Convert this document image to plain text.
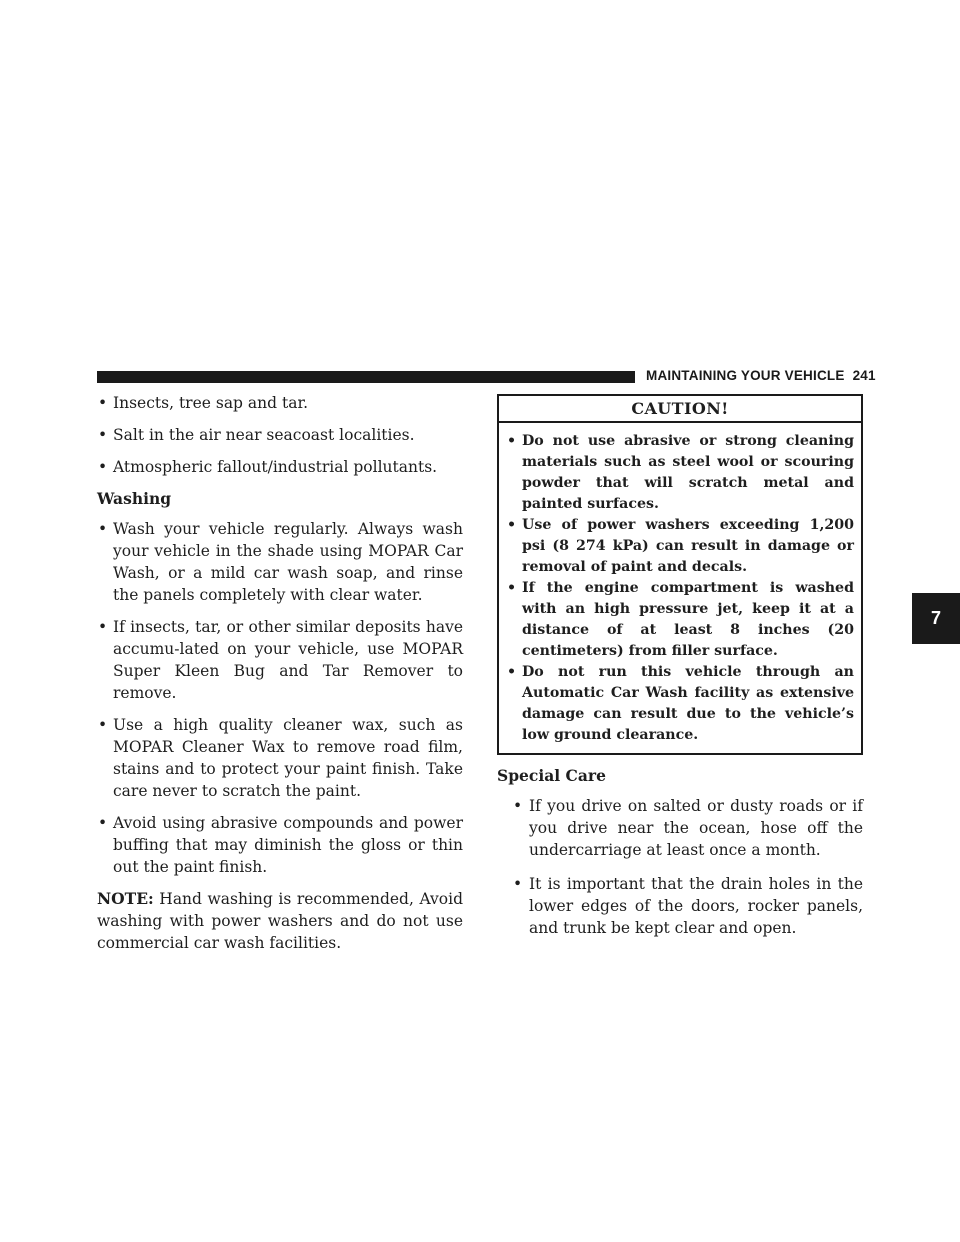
MAINTAINING YOUR VEHICLE 241
7

• Insects, tree sap and tar.

• Salt in the air near seacoast localities.

• Atmospheric fallout/industrial pollutants.

Washing

• Wash your vehicle regularly. Always wash your vehicle in the shade using MOPAR Car Wash, or a mild car wash soap, and rinse the panels completely with clear water.

• If insects, tar, or other similar deposits have accumu-lated on your vehicle, use MOPAR Super Kleen Bug and Tar Remover to remove.

• Use a high quality cleaner wax, such as MOPAR Cleaner Wax to remove road film, stains and to protect your paint finish. Take care never to scratch the paint.

• Avoid using abrasive compounds and power buffing that may diminish the gloss or thin out the paint finish.

NOTE: Hand washing is recommended, Avoid washing with power washers and do not use commercial car wash facilities.

CAUTION!

• Do not use abrasive or strong cleaning materials such as steel wool or scouring powder that will scratch metal and painted surfaces.

• Use of power washers exceeding 1,200 psi (8 274 kPa) can result in damage or removal of paint and decals.

• If the engine compartment is washed with an high pressure jet, keep it at a distance of at least 8 inches (20 centimeters) from filler surface.

• Do not run this vehicle through an Automatic Car Wash facility as extensive damage can result due to the vehicle’s low ground clearance.

Special Care

• If you drive on salted or dusty roads or if you drive near the ocean, hose off the undercarriage at least once a month.

• It is important that the drain holes in the lower edges of the doors, rocker panels, and trunk be kept clear and open.
